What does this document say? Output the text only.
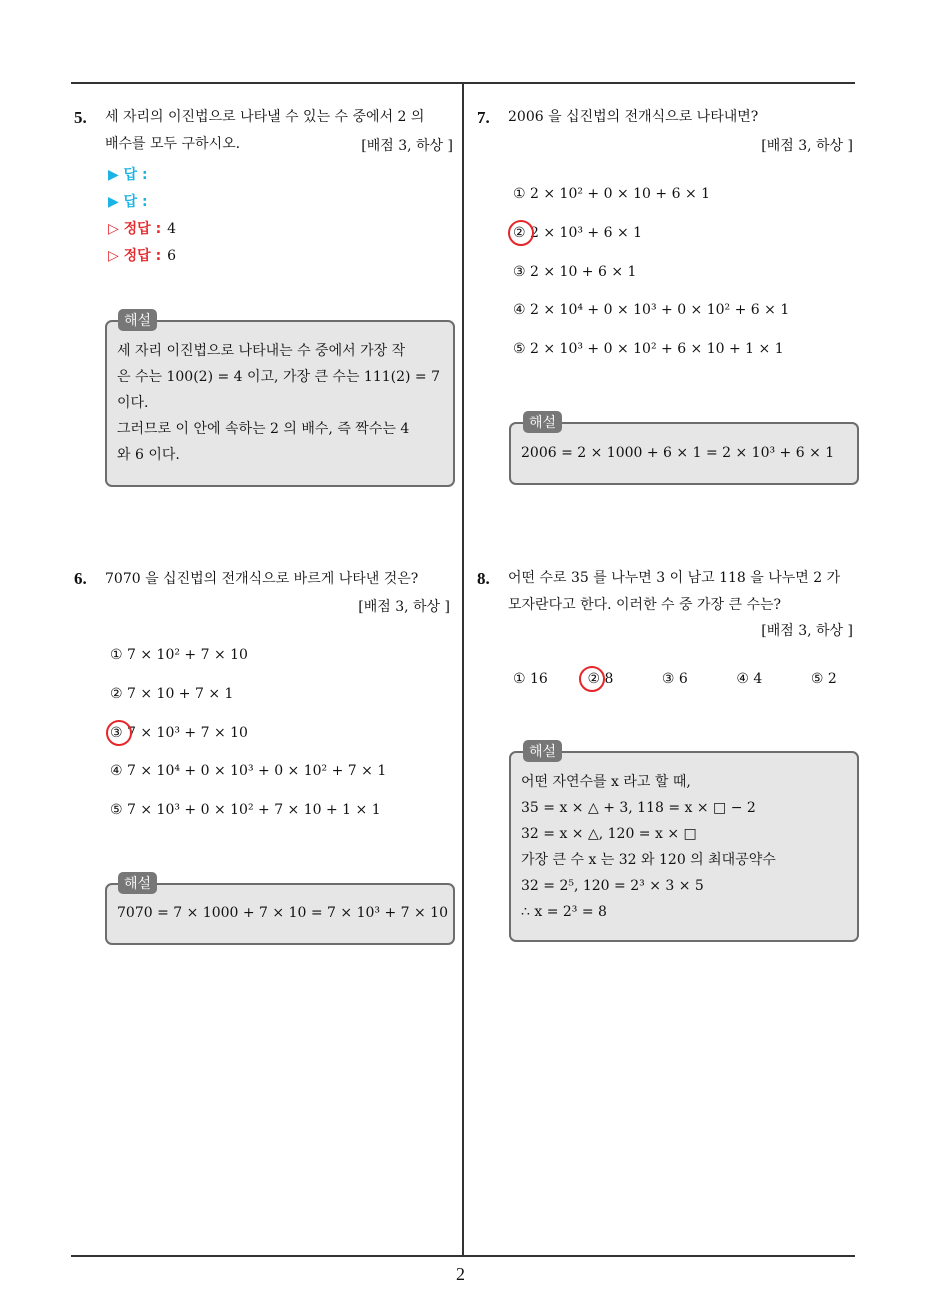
2
5. 세 자리의 이진법으로 나타낼 수 있는 수 중에서 2 의
배수를 모두 구하시오.	[배점 3, 하상 ]
▶ 답 :
▶ 답 :
▷ 정답 : 4
▷ 정답 : 6
해설
세 자리 이진법으로 나타내는 수 중에서 가장 작
은 수는 100(2) = 4 이고, 가장 큰 수는 111(2) = 7
이다.
그러므로 이 안에 속하는 2 의 배수, 즉 짝수는 4
와 6 이다.
6. 7070 을 십진법의 전개식으로 바르게 나타낸 것은?
[배점 3, 하상 ]
① 7 × 10² + 7 × 10
② 7 × 10 + 7 × 1
③ 7 × 10³ + 7 × 10
④ 7 × 10⁴ + 0 × 10³ + 0 × 10² + 7 × 1
⑤ 7 × 10³ + 0 × 10² + 7 × 10 + 1 × 1
해설
7070 = 7 × 1000 + 7 × 10 = 7 × 10³ + 7 × 10
7. 2006 을 십진법의 전개식으로 나타내면?
[배점 3, 하상 ]
① 2 × 10² + 0 × 10 + 6 × 1
② 2 × 10³ + 6 × 1
③ 2 × 10 + 6 × 1
④ 2 × 10⁴ + 0 × 10³ + 0 × 10² + 6 × 1
⑤ 2 × 10³ + 0 × 10² + 6 × 10 + 1 × 1
해설
2006 = 2 × 1000 + 6 × 1 = 2 × 10³ + 6 × 1
8. 어떤 수로 35 를 나누면 3 이 남고 118 을 나누면 2 가
모자란다고 한다. 이러한 수 중 가장 큰 수는?
[배점 3, 하상 ]
① 16	② 8	③ 6	④ 4	⑤ 2
해설
어떤 자연수를 x 라고 할 때,
35 = x × △ + 3, 118 = x × □ − 2
32 = x × △, 120 = x × □
가장 큰 수 x 는 32 와 120 의 최대공약수
32 = 2⁵, 120 = 2³ × 3 × 5
∴ x = 2³ = 8
